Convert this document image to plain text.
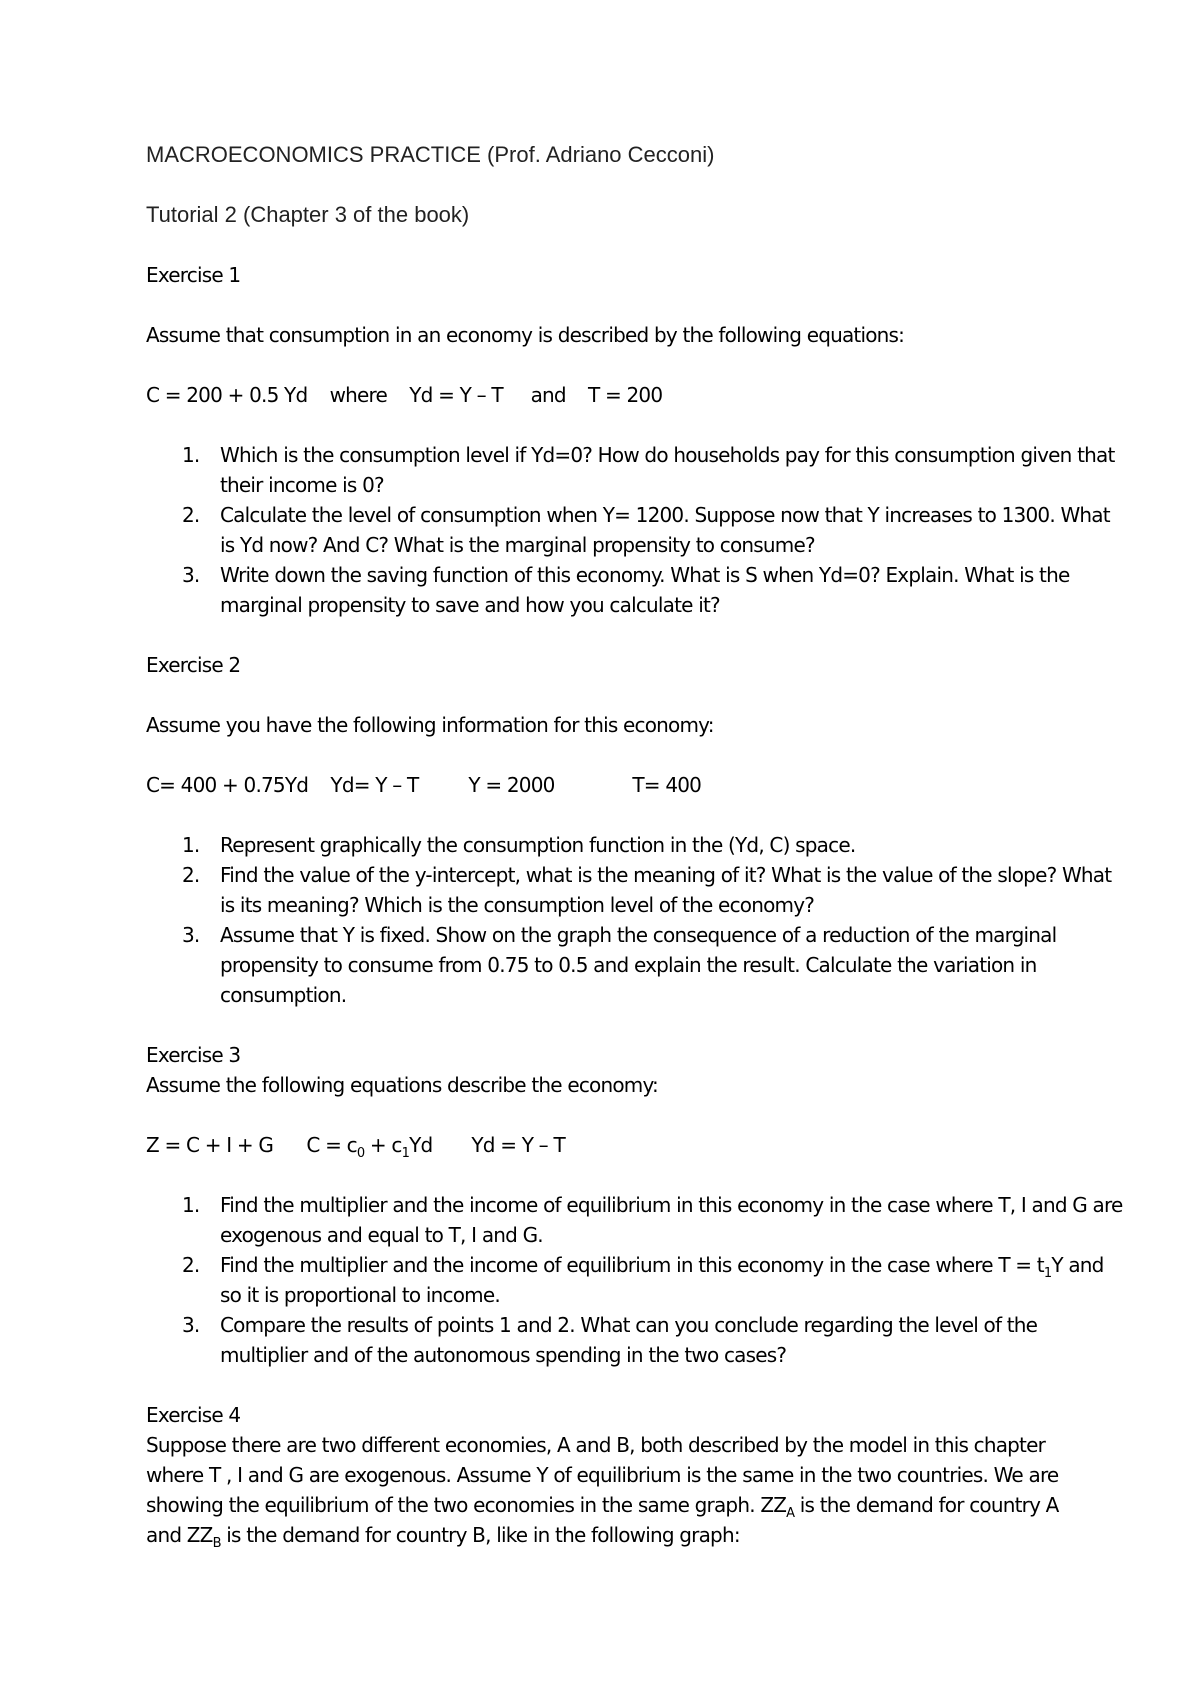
MACROECONOMICS PRACTICE (Prof. Adriano Cecconi)

Tutorial 2 (Chapter 3 of the book)

Exercise 1

Assume that consumption in an economy is described by the following equations:

C = 200 + 0.5 Yd    where    Yd = Y – T     and    T = 200

1. Which is the consumption level if Yd=0? How do households pay for this consumption given that their income is 0?
2. Calculate the level of consumption when Y= 1200. Suppose now that Y increases to 1300. What is Yd now? And C? What is the marginal propensity to consume?
3. Write down the saving function of this economy. What is S when Yd=0? Explain. What is the marginal propensity to save and how you calculate it?

Exercise 2

Assume you have the following information for this economy:

C= 400 + 0.75Yd    Yd= Y – T         Y = 2000              T= 400

1. Represent graphically the consumption function in the (Yd, C) space.
2. Find the value of the y-intercept, what is the meaning of it? What is the value of the slope? What is its meaning? Which is the consumption level of the economy?
3. Assume that Y is fixed. Show on the graph the consequence of a reduction of the marginal propensity to consume from 0.75 to 0.5 and explain the result. Calculate the variation in consumption.

Exercise 3

Assume the following equations describe the economy:

Z = C + I + G      $C = c_0 + c_1Yd$       Yd = Y – T

1. Find the multiplier and the income of equilibrium in this economy in the case where T, I and G are exogenous and equal to T, I and G.
2. Find the multiplier and the income of equilibrium in this economy in the case where $T = t_1Y$ and so it is proportional to income.
3. Compare the results of points 1 and 2. What can you conclude regarding the level of the multiplier and of the autonomous spending in the two cases?

Exercise 4

Suppose there are two different economies, A and B, both described by the model in this chapter where T , I and G are exogenous. Assume Y of equilibrium is the same in the two countries. We are showing the equilibrium of the two economies in the same graph. $ZZ_A$ is the demand for country A and $ZZ_B$ is the demand for country B, like in the following graph:
